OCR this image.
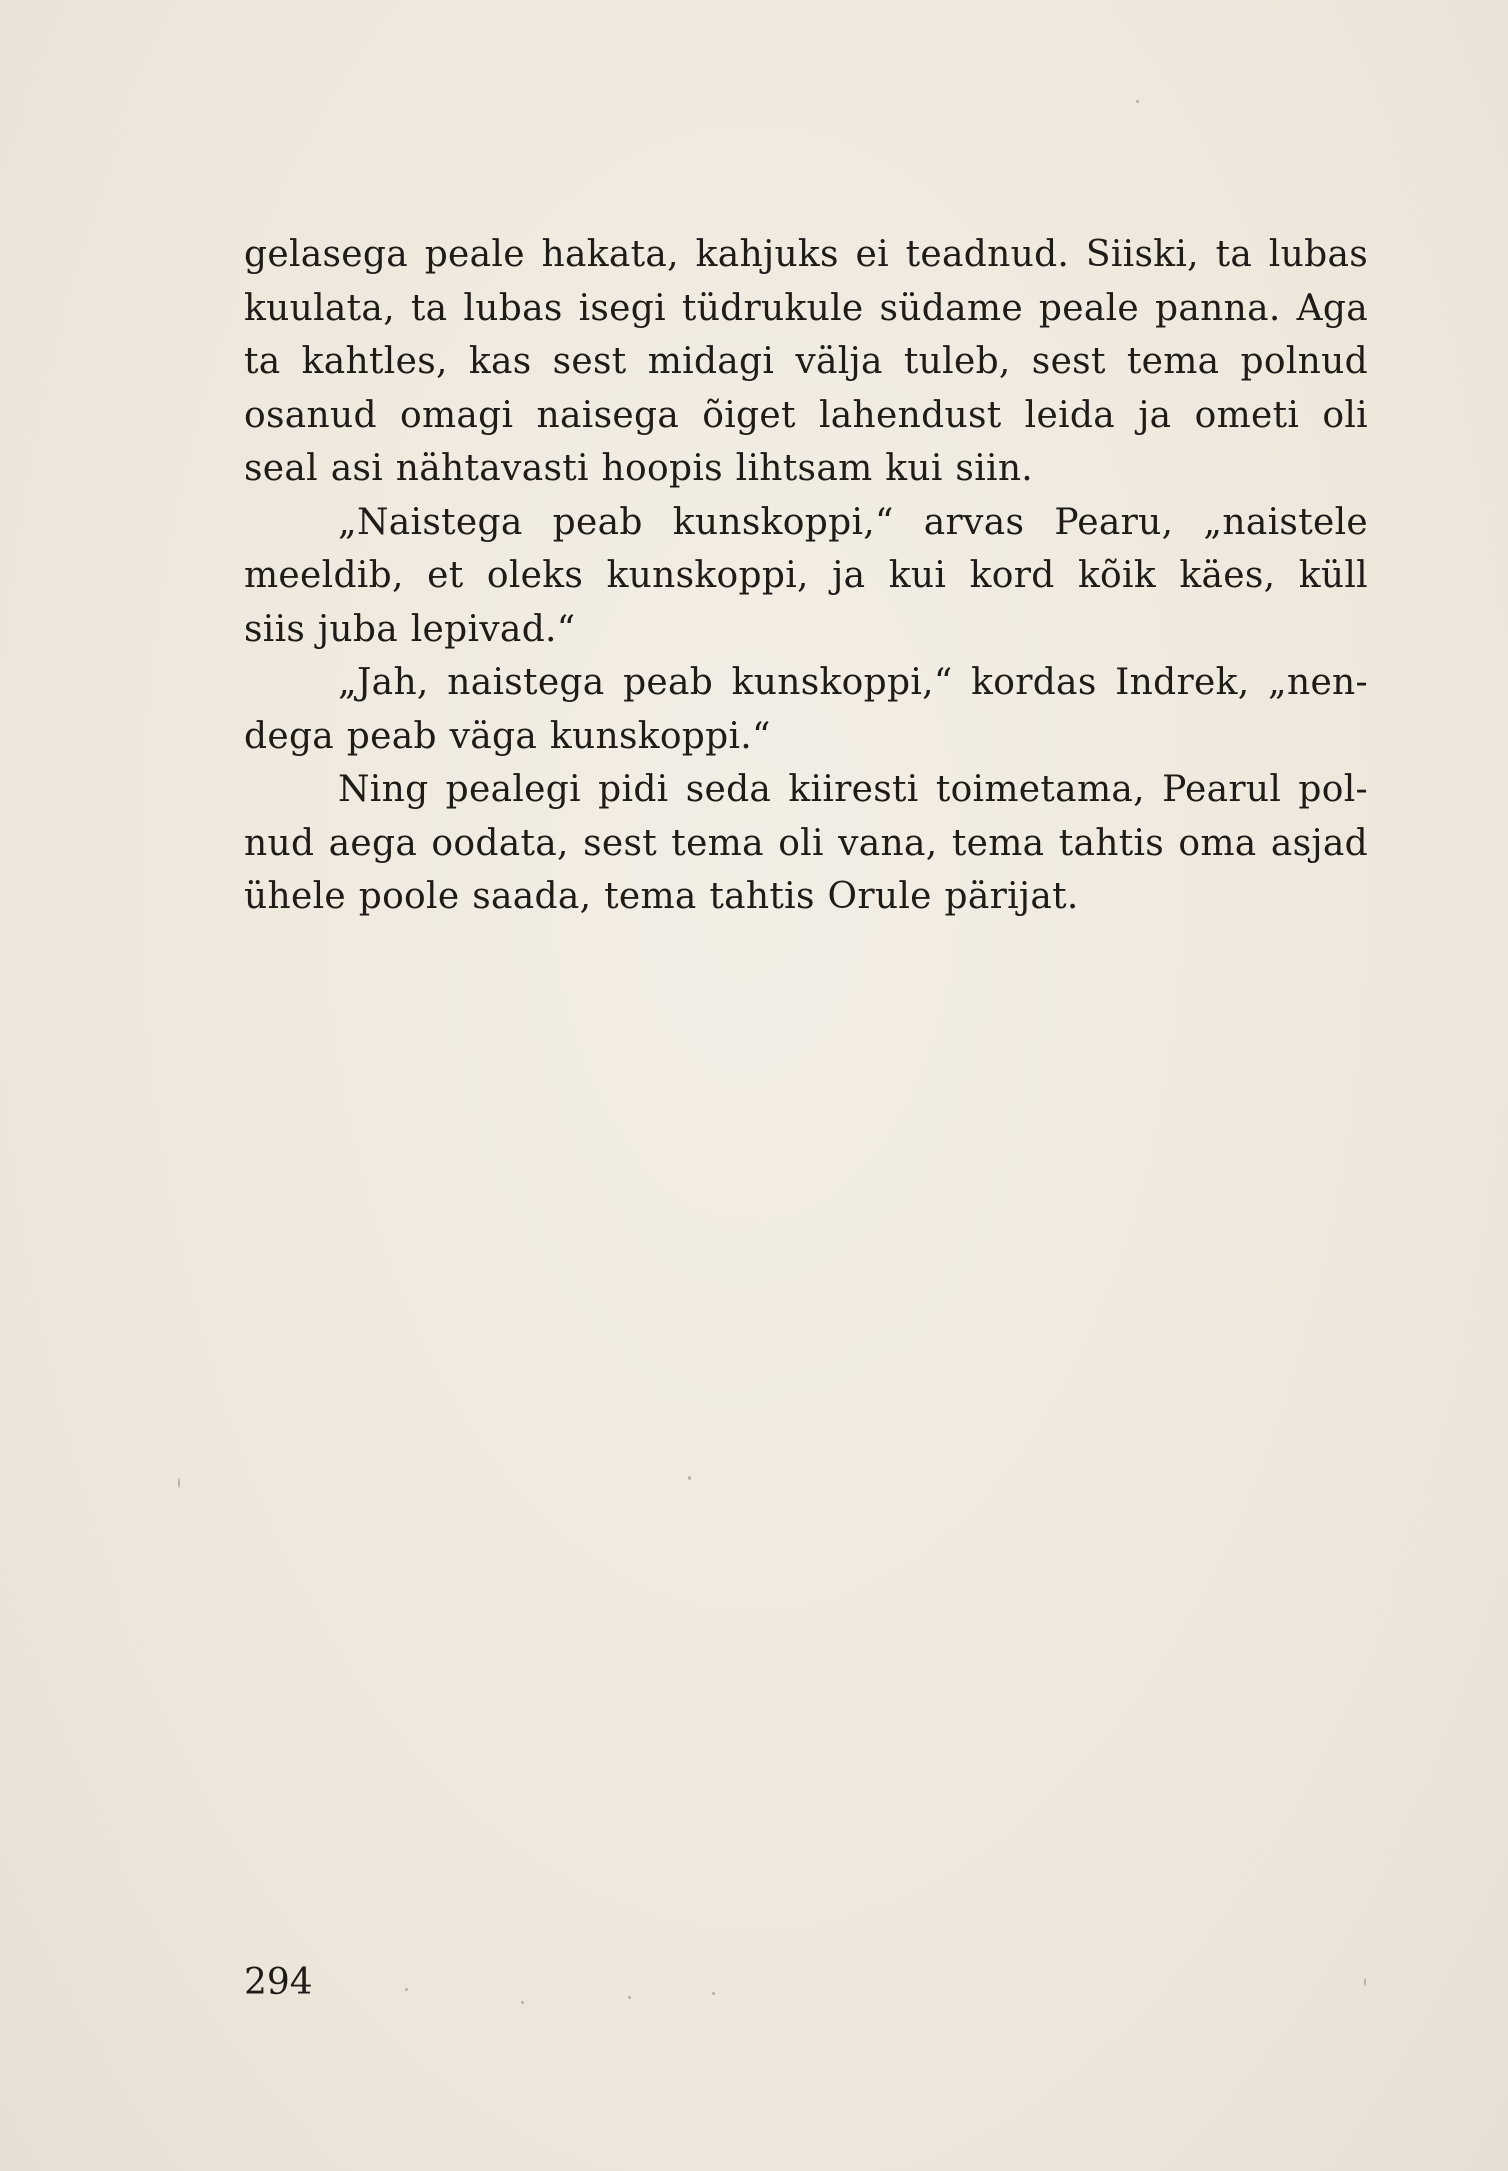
gelasega peale hakata, kahjuks ei teadnud. Siiski, ta lubas
kuulata, ta lubas isegi tüdrukule südame peale panna. Aga
ta kahtles, kas sest midagi välja tuleb, sest tema polnud
osanud omagi naisega õiget lahendust leida ja ometi oli
seal asi nähtavasti hoopis lihtsam kui siin.
„Naistega peab kunskoppi,“ arvas Pearu, „naistele
meeldib, et oleks kunskoppi, ja kui kord kõik käes, küll
siis juba lepivad.“
„Jah, naistega peab kunskoppi,“ kordas Indrek, „nen-
dega peab väga kunskoppi.“
Ning pealegi pidi seda kiiresti toimetama, Pearul pol-
nud aega oodata, sest tema oli vana, tema tahtis oma asjad
ühele poole saada, tema tahtis Orule pärijat.
294
